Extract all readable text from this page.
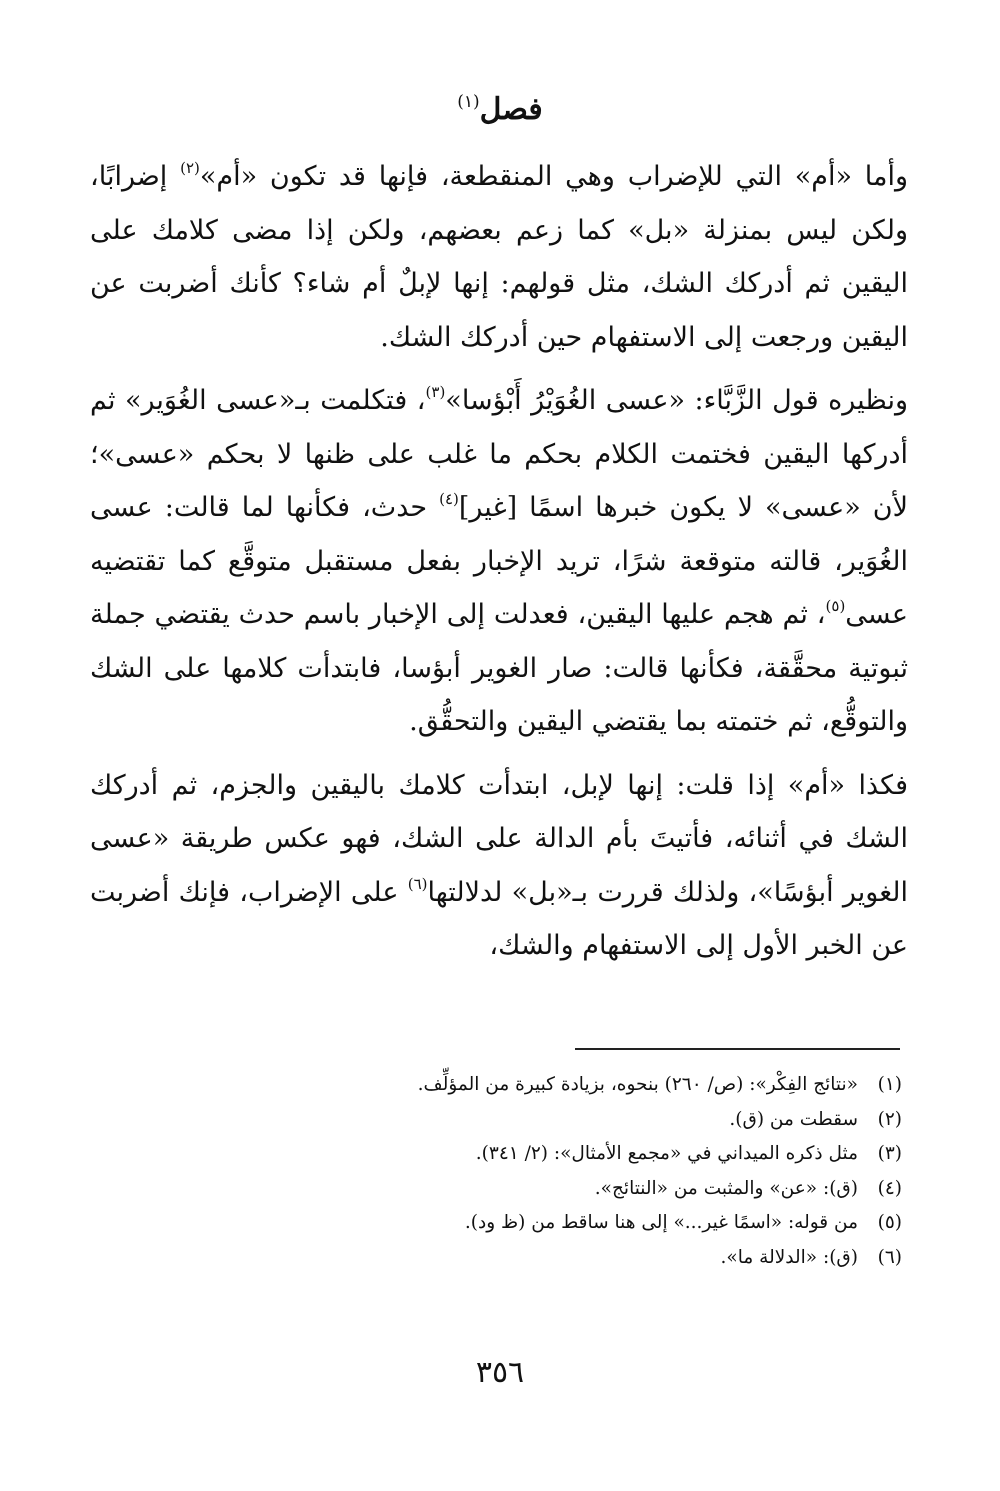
فصل$^{(١)}$

وأما «أم» التي للإضراب وهي المنقطعة، فإنها قد تكون «أم»$^{(٢)}$ إضرابًا، ولكن ليس بمنزلة «بل» كما زعم بعضهم، ولكن إذا مضى كلامك على اليقين ثم أدركك الشك، مثل قولهم: إنها لإبلٌ أم شاء؟ كأنك أضربت عن اليقين ورجعت إلى الاستفهام حين أدركك الشك.

ونظيره قول الزَّبَّاء: «عسى الغُوَيْرُ أَبْؤسا»$^{(٣)}$، فتكلمت بـ«عسى الغُوَير» ثم أدركها اليقين فختمت الكلام بحكم ما غلب على ظنها لا بحكم «عسى»؛ لأن «عسى» لا يكون خبرها اسمًا [غير]$^{(٤)}$ حدث، فكأنها لما قالت: عسى الغُوَير، قالته متوقعة شرًا، تريد الإخبار بفعل مستقبل متوقَّع كما تقتضيه عسى$^{(٥)}$، ثم هجم عليها اليقين، فعدلت إلى الإخبار باسم حدث يقتضي جملة ثبوتية محقَّقة، فكأنها قالت: صار الغوير أبؤسا، فابتدأت كلامها على الشك والتوقُّع، ثم ختمته بما يقتضي اليقين والتحقُّق.

فكذا «أم» إذا قلت: إنها لإبل، ابتدأت كلامك باليقين والجزم، ثم أدركك الشك في أثنائه، فأتيتَ بأم الدالة على الشك، فهو عكس طريقة «عسى الغوير أبؤسًا»، ولذلك قررت بـ«بل» لدلالتها$^{(٦)}$ على الإضراب، فإنك أضربت عن الخبر الأول إلى الاستفهام والشك،

(١)«نتائج الفِكْر»: (ص/ ٢٦٠) بنحوه، بزيادة كبيرة من المؤلِّف.

(٢)سقطت من (ق).

(٣)مثل ذكره الميداني في «مجمع الأمثال»: (٢/ ٣٤١).

(٤)(ق): «عن» والمثبت من «النتائج».

(٥)من قوله: «اسمًا غير...» إلى هنا ساقط من (ظ ود).

(٦)(ق): «الدلالة ما».

٣٥٦
